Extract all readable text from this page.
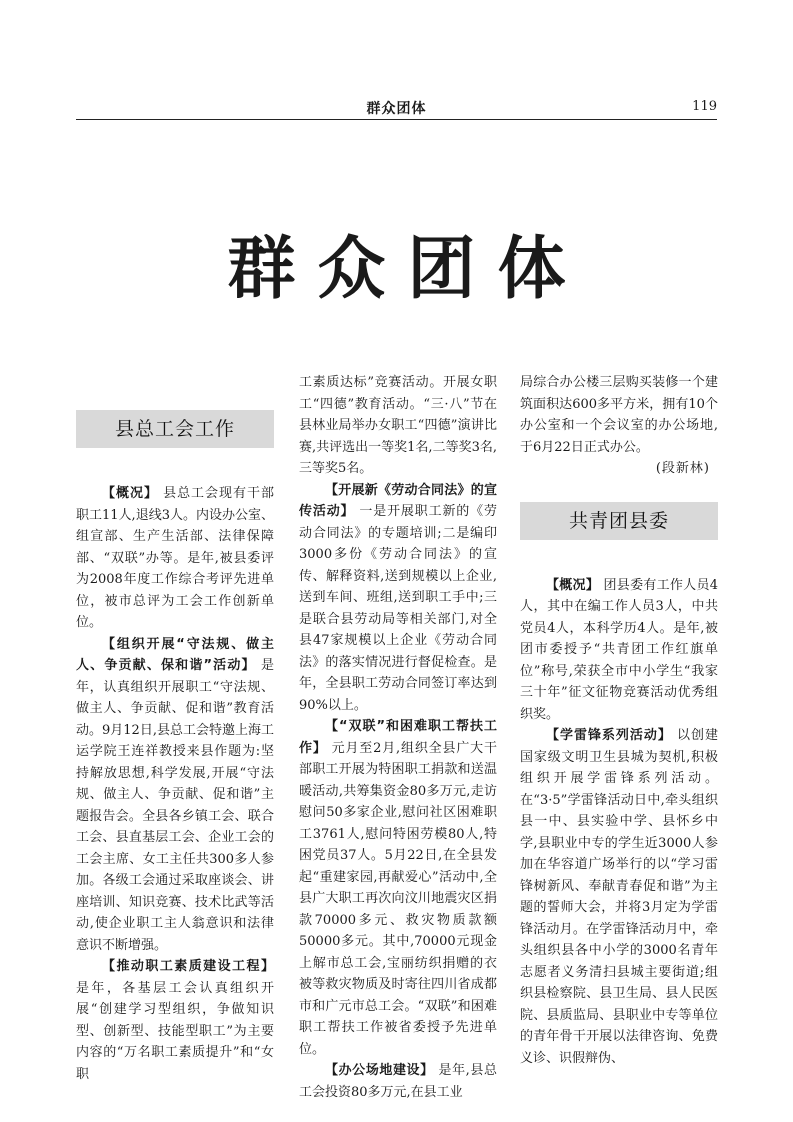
群众团体	119
群众团体
县总工会工作

【概况】 县总工会现有干部职工11人,退线3人。内设办公室、组宣部、生产生活部、法律保障部、“双联”办等。是年,被县委评为2008年度工作综合考评先进单位，被市总评为工会工作创新单位。

【组织开展“守法规、做主人、争贡献、保和谐”活动】 是年，认真组织开展职工“守法规、做主人、争贡献、促和谐”教育活动。9月12日,县总工会特邀上海工运学院王连祥教授来县作题为:坚持解放思想,科学发展,开展“守法规、做主人、争贡献、促和谐”主题报告会。全县各乡镇工会、联合工会、县直基层工会、企业工会的工会主席、女工主任共300多人参加。各级工会通过采取座谈会、讲座培训、知识竞赛、技术比武等活动,使企业职工主人翁意识和法律意识不断增强。

【推动职工素质建设工程】 是年，各基层工会认真组织开展“创建学习型组织，争做知识型、创新型、技能型职工”为主要内容的“万名职工素质提升”和“女职

工素质达标”竞赛活动。开展女职工“四德”教育活动。“三·八”节在县林业局举办女职工“四德”演讲比赛,共评选出一等奖1名,二等奖3名,三等奖5名。

【开展新《劳动合同法》的宣传活动】 一是开展职工新的《劳动合同法》的专题培训;二是编印3000多份《劳动合同法》的宣传、解释资料,送到规模以上企业,送到车间、班组,送到职工手中;三是联合县劳动局等相关部门,对全县47家规模以上企业《劳动合同法》的落实情况进行督促检查。是年，全县职工劳动合同签订率达到90%以上。

【“双联”和困难职工帮扶工作】 元月至2月,组织全县广大干部职工开展为特困职工捐款和送温暖活动,共筹集资金80多万元,走访慰问50多家企业,慰问社区困难职工3761人,慰问特困劳模80人,特困党员37人。5月22日,在全县发起“重建家园,再献爱心”活动中,全县广大职工再次向汶川地震灾区捐款70000多元、救灾物质款额50000多元。其中,70000元现金上解市总工会,宝丽纺织捐赠的衣被等救灾物质及时寄往四川省成都市和广元市总工会。“双联”和困难职工帮扶工作被省委授予先进单位。

【办公场地建设】 是年,县总工会投资80多万元,在县工业

局综合办公楼三层购买装修一个建筑面积达600多平方米，拥有10个办公室和一个会议室的办公场地,于6月22日正式办公。

(段新林)

共青团县委

【概况】 团县委有工作人员4人，其中在编工作人员3人，中共党员4人，本科学历4人。是年,被团市委授予“共青团工作红旗单位”称号,荣获全市中小学生“我家三十年”征文征物竞赛活动优秀组织奖。

【学雷锋系列活动】 以创建国家级文明卫生县城为契机,积极组织开展学雷锋系列活动。在“3·5”学雷锋活动日中,牵头组织县一中、县实验中学、县怀乡中学,县职业中专的学生近3000人参加在华容道广场举行的以“学习雷锋树新风、奉献青春促和谐”为主题的誓师大会，并将3月定为学雷锋活动月。在学雷锋活动月中，牵头组织县各中小学的3000名青年志愿者义务清扫县城主要街道;组织县检察院、县卫生局、县人民医院、县质监局、县职业中专等单位的青年骨干开展以法律咨询、免费义诊、识假辩伪、
